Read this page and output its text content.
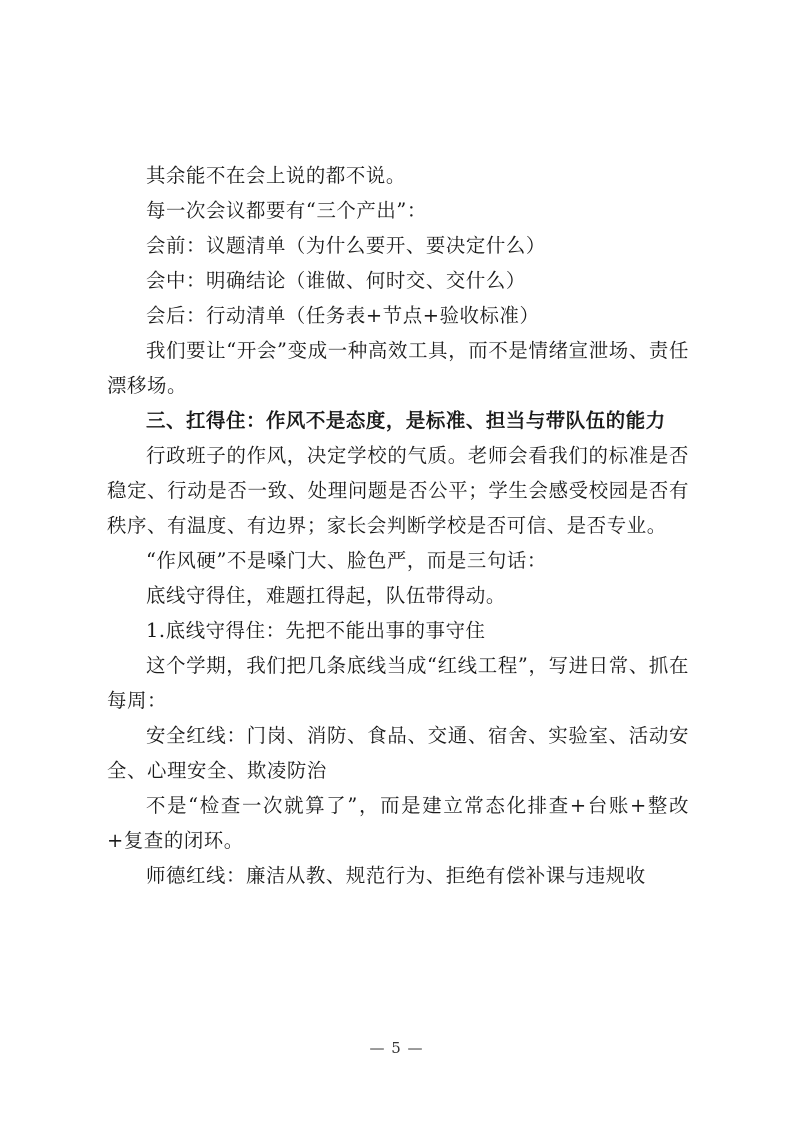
其余能不在会上说的都不说。

每一次会议都要有“三个产出”：

会前：议题清单（为什么要开、要决定什么）

会中：明确结论（谁做、何时交、交什么）

会后：行动清单（任务表+节点+验收标准）

我们要让“开会”变成一种高效工具，而不是情绪宣泄场、责任漂移场。

三、扛得住：作风不是态度，是标准、担当与带队伍的能力

行政班子的作风，决定学校的气质。老师会看我们的标准是否稳定、行动是否一致、处理问题是否公平；学生会感受校园是否有秩序、有温度、有边界；家长会判断学校是否可信、是否专业。

“作风硬”不是嗓门大、脸色严，而是三句话：

底线守得住，难题扛得起，队伍带得动。

1.底线守得住：先把不能出事的事守住

这个学期，我们把几条底线当成“红线工程”，写进日常、抓在每周：

安全红线：门岗、消防、食品、交通、宿舍、实验室、活动安全、心理安全、欺凌防治

不是“检查一次就算了”，而是建立常态化排查+台账+整改+复查的闭环。

师德红线：廉洁从教、规范行为、拒绝有偿补课与违规收

— 5 —
